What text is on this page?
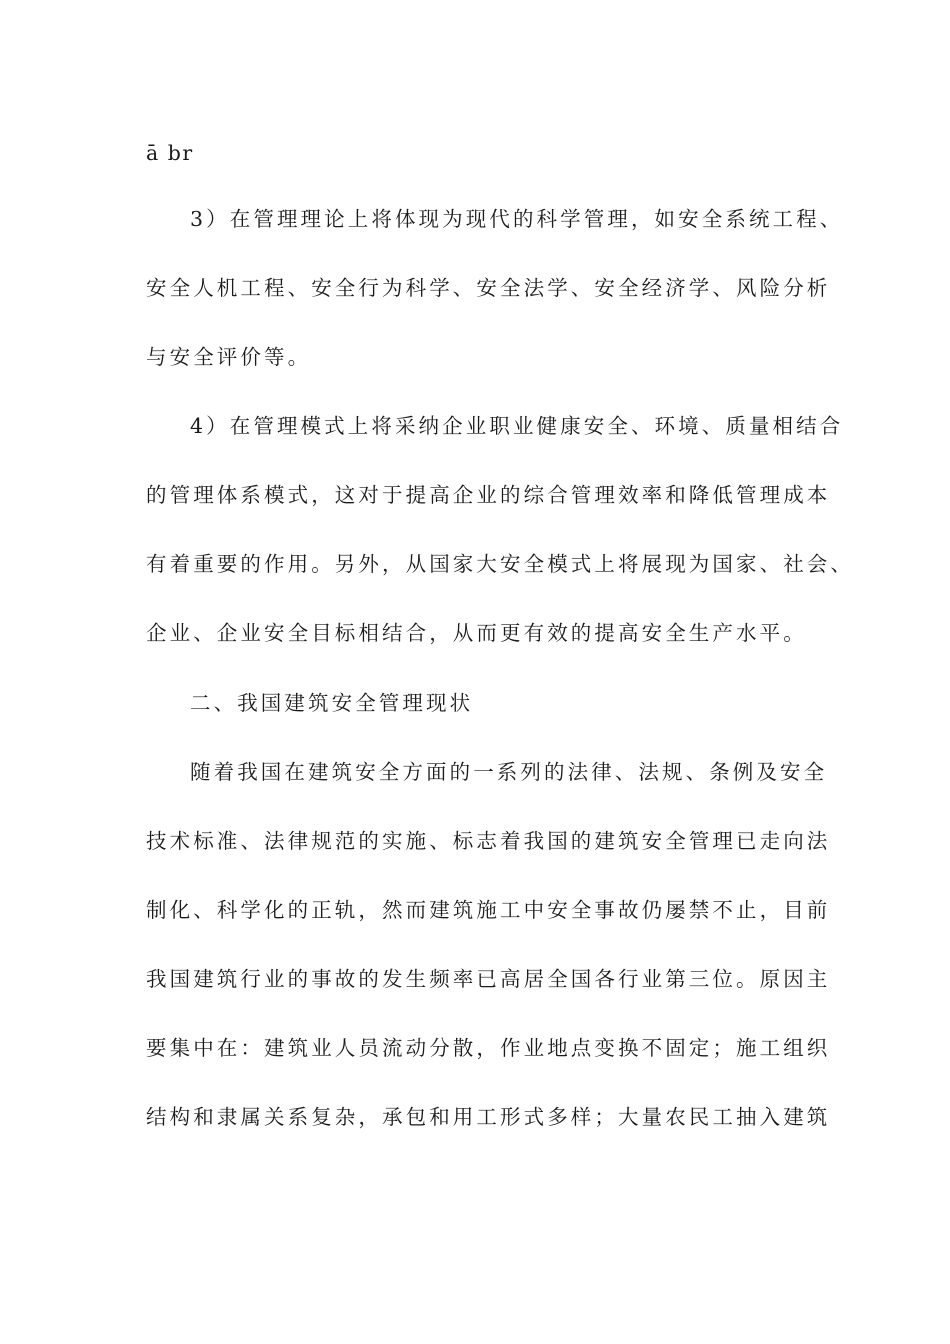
ā br
3）在管理理论上将体现为现代的科学管理，如安全系统工程、
安全人机工程、安全行为科学、安全法学、安全经济学、风险分析
与安全评价等。
4）在管理模式上将采纳企业职业健康安全、环境、质量相结合
的管理体系模式，这对于提高企业的综合管理效率和降低管理成本
有着重要的作用。另外，从国家大安全模式上将展现为国家、社会、
企业、企业安全目标相结合，从而更有效的提高安全生产水平。
二、我国建筑安全管理现状
随着我国在建筑安全方面的一系列的法律、法规、条例及安全
技术标准、法律规范的实施、标志着我国的建筑安全管理已走向法
制化、科学化的正轨，然而建筑施工中安全事故仍屡禁不止，目前
我国建筑行业的事故的发生频率已高居全国各行业第三位。原因主
要集中在：建筑业人员流动分散，作业地点变换不固定；施工组织
结构和隶属关系复杂，承包和用工形式多样；大量农民工抽入建筑
